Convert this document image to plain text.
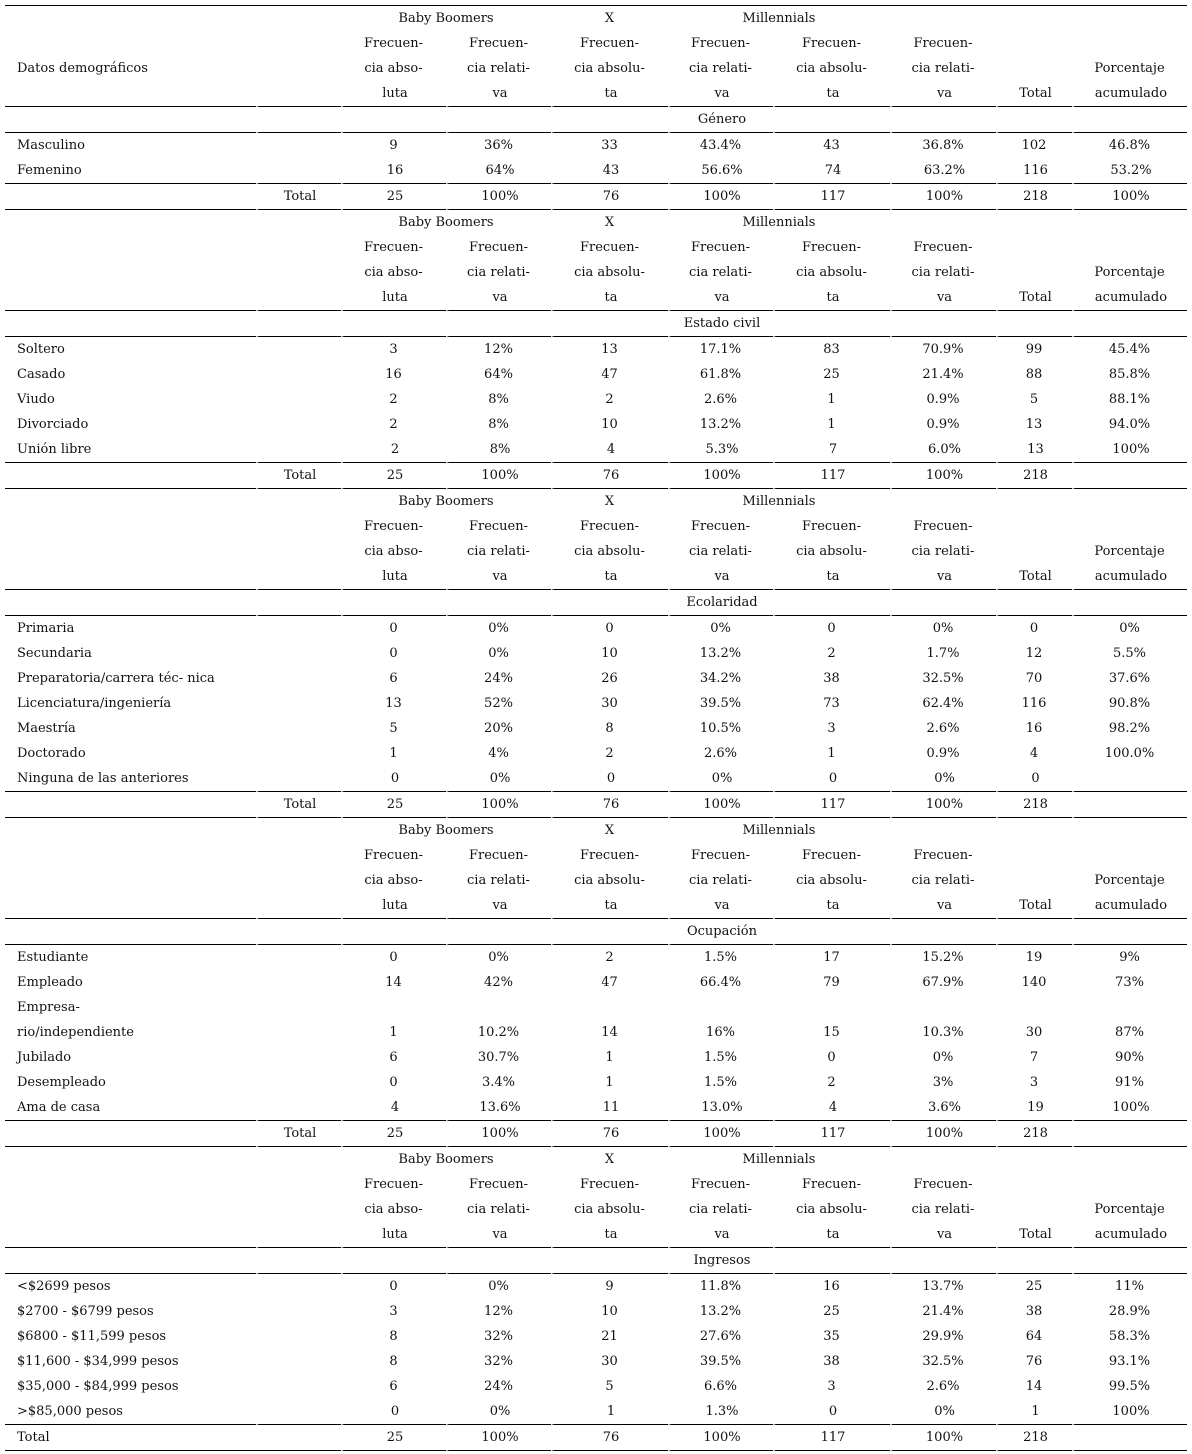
		Baby Boomers		X	Millennials				
		Frecuen-	Frecuen-	Frecuen-	Frecuen-	Frecuen-	Frecuen-		
Datos demográficos		cia abso-	cia relati-	cia absolu-	cia relati-	cia absolu-	cia relati-		Porcentaje
		luta	va	ta	va	ta	va	Total	acumulado
					Género				
Masculino		9	36%	33	43.4%	43	36.8%	102	46.8%
Femenino		16	64%	43	56.6%	74	63.2%	116	53.2%
	Total	25	100%	76	100%	117	100%	218	100%
		Baby Boomers		X	Millennials				
		Frecuen-	Frecuen-	Frecuen-	Frecuen-	Frecuen-	Frecuen-		
		cia abso-	cia relati-	cia absolu-	cia relati-	cia absolu-	cia relati-		Porcentaje
		luta	va	ta	va	ta	va	Total	acumulado
					Estado civil				
Soltero		3	12%	13	17.1%	83	70.9%	99	45.4%
Casado		16	64%	47	61.8%	25	21.4%	88	85.8%
Viudo		2	8%	2	2.6%	1	0.9%	5	88.1%
Divorciado		2	8%	10	13.2%	1	0.9%	13	94.0%
Unión libre		2	8%	4	5.3%	7	6.0%	13	100%
	Total	25	100%	76	100%	117	100%	218	
		Baby Boomers		X	Millennials				
		Frecuen-	Frecuen-	Frecuen-	Frecuen-	Frecuen-	Frecuen-		
		cia abso-	cia relati-	cia absolu-	cia relati-	cia absolu-	cia relati-		Porcentaje
		luta	va	ta	va	ta	va	Total	acumulado
					Ecolaridad				
Primaria		0	0%	0	0%	0	0%	0	0%
Secundaria		0	0%	10	13.2%	2	1.7%	12	5.5%
Preparatoria/carrera téc- nica		6	24%	26	34.2%	38	32.5%	70	37.6%
Licenciatura/ingeniería		13	52%	30	39.5%	73	62.4%	116	90.8%
Maestría		5	20%	8	10.5%	3	2.6%	16	98.2%
Doctorado		1	4%	2	2.6%	1	0.9%	4	100.0%
Ninguna de las anteriores		0	0%	0	0%	0	0%	0	
	Total	25	100%	76	100%	117	100%	218	
		Baby Boomers		X	Millennials				
		Frecuen-	Frecuen-	Frecuen-	Frecuen-	Frecuen-	Frecuen-		
		cia abso-	cia relati-	cia absolu-	cia relati-	cia absolu-	cia relati-		Porcentaje
		luta	va	ta	va	ta	va	Total	acumulado
					Ocupación				
Estudiante		0	0%	2	1.5%	17	15.2%	19	9%
Empleado		14	42%	47	66.4%	79	67.9%	140	73%
Empresa-									
rio/independiente		1	10.2%	14	16%	15	10.3%	30	87%
Jubilado		6	30.7%	1	1.5%	0	0%	7	90%
Desempleado		0	3.4%	1	1.5%	2	3%	3	91%
Ama de casa		4	13.6%	11	13.0%	4	3.6%	19	100%
	Total	25	100%	76	100%	117	100%	218	
		Baby Boomers		X	Millennials				
		Frecuen-	Frecuen-	Frecuen-	Frecuen-	Frecuen-	Frecuen-		
		cia abso-	cia relati-	cia absolu-	cia relati-	cia absolu-	cia relati-		Porcentaje
		luta	va	ta	va	ta	va	Total	acumulado
					Ingresos				
<$2699 pesos		0	0%	9	11.8%	16	13.7%	25	11%
$2700 - $6799 pesos		3	12%	10	13.2%	25	21.4%	38	28.9%
$6800 - $11,599 pesos		8	32%	21	27.6%	35	29.9%	64	58.3%
$11,600 - $34,999 pesos		8	32%	30	39.5%	38	32.5%	76	93.1%
$35,000 - $84,999 pesos		6	24%	5	6.6%	3	2.6%	14	99.5%
>$85,000 pesos		0	0%	1	1.3%	0	0%	1	100%
Total		25	100%	76	100%	117	100%	218	
